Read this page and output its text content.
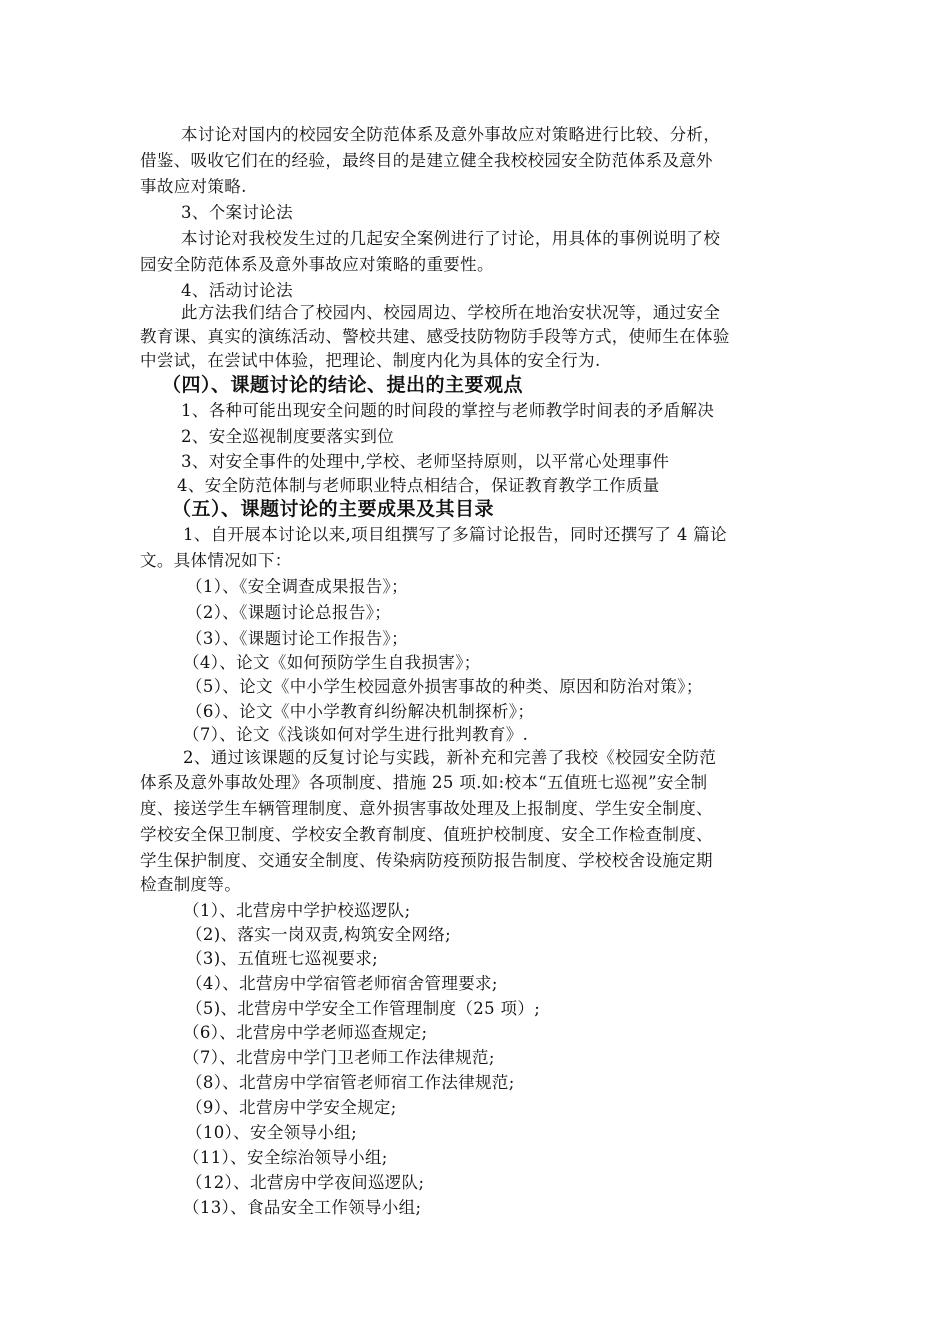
本讨论对国内的校园安全防范体系及意外事故应对策略进行比较、分析，
借鉴、吸收它们在的经验，最终目的是建立健全我校校园安全防范体系及意外
事故应对策略.
3、个案讨论法
本讨论对我校发生过的几起安全案例进行了讨论，用具体的事例说明了校
园安全防范体系及意外事故应对策略的重要性。
4、活动讨论法
此方法我们结合了校园内、校园周边、学校所在地治安状况等，通过安全
教育课、真实的演练活动、警校共建、感受技防物防手段等方式，使师生在体验
中尝试，在尝试中体验，把理论、制度内化为具体的安全行为.
（四）、课题讨论的结论、提出的主要观点
1、各种可能出现安全问题的时间段的掌控与老师教学时间表的矛盾解决
2、安全巡视制度要落实到位
3、对安全事件的处理中,学校、老师坚持原则，以平常心处理事件
4、安全防范体制与老师职业特点相结合，保证教育教学工作质量
（五）、课题讨论的主要成果及其目录
1、自开展本讨论以来,项目组撰写了多篇讨论报告，同时还撰写了 4 篇论
文。具体情况如下：
（1）、《安全调查成果报告》；
（2）、《课题讨论总报告》；
（3）、《课题讨论工作报告》；
（4）、论文《如何预防学生自我损害》；
（5）、论文《中小学生校园意外损害事故的种类、原因和防治对策》；
（6）、论文《中小学教育纠纷解决机制探析》；
（7）、论文《浅谈如何对学生进行批判教育》.
2、通过该课题的反复讨论与实践，新补充和完善了我校《校园安全防范
体系及意外事故处理》各项制度、措施 25 项.如:校本“五值班七巡视”安全制
度、接送学生车辆管理制度、意外损害事故处理及上报制度、学生安全制度、
学校安全保卫制度、学校安全教育制度、值班护校制度、安全工作检查制度、
学生保护制度、交通安全制度、传染病防疫预防报告制度、学校校舍设施定期
检查制度等。
（1）、北营房中学护校巡逻队;
（2)、落实一岗双责,构筑安全网络;
（3)、五值班七巡视要求;
（4）、北营房中学宿管老师宿舍管理要求;
（5)、北营房中学安全工作管理制度（25 项）;
（6）、北营房中学老师巡查规定;
（7）、北营房中学门卫老师工作法律规范;
（8）、北营房中学宿管老师宿工作法律规范;
（9）、北营房中学安全规定;
（10）、安全领导小组;
（11）、安全综治领导小组;
（12）、北营房中学夜间巡逻队;
（13）、食品安全工作领导小组;
